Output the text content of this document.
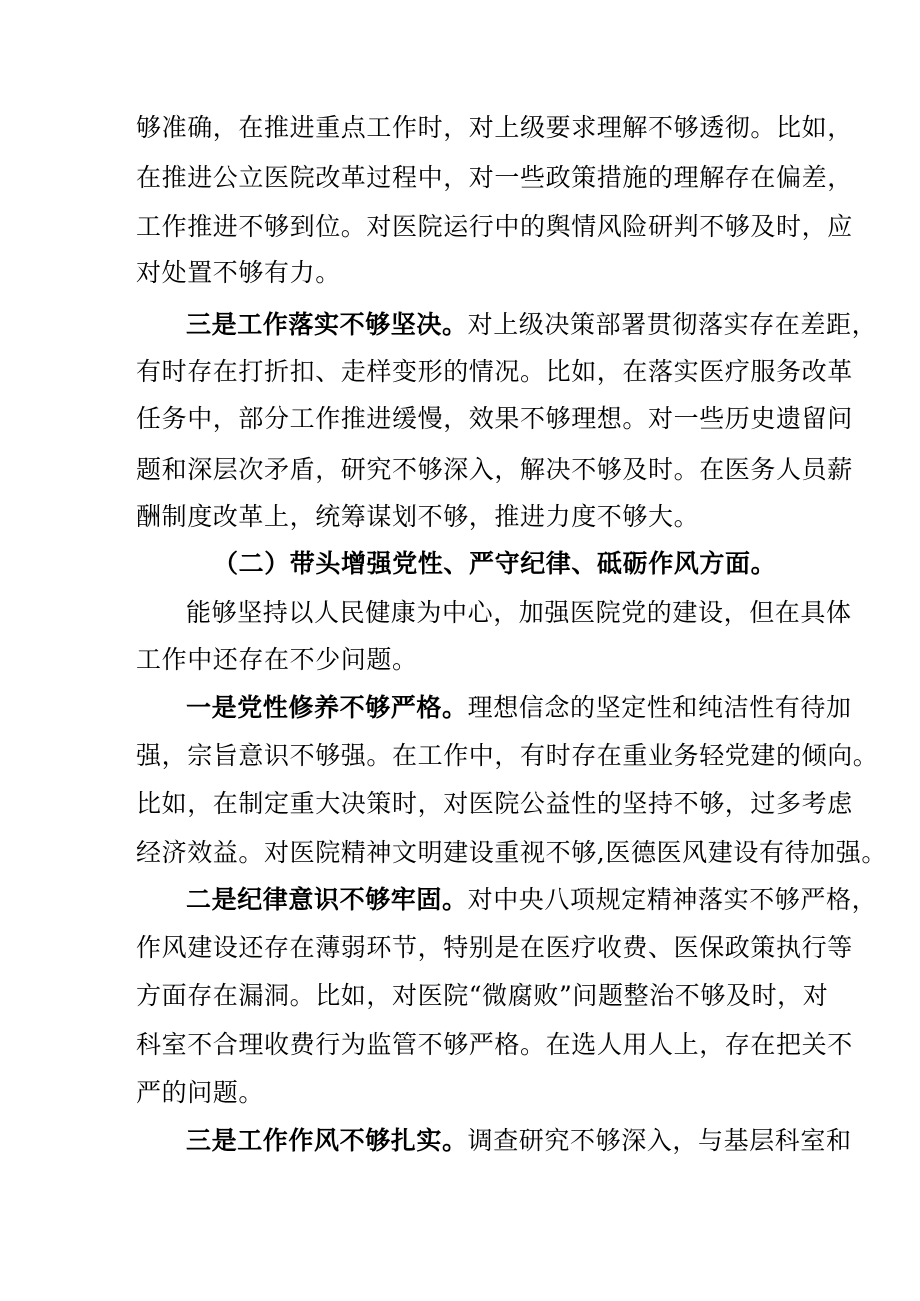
够准确，在推进重点工作时，对上级要求理解不够透彻。比如，
在推进公立医院改革过程中，对一些政策措施的理解存在偏差，
工作推进不够到位。对医院运行中的舆情风险研判不够及时，应
对处置不够有力。
三是工作落实不够坚决。对上级决策部署贯彻落实存在差距，
有时存在打折扣、走样变形的情况。比如，在落实医疗服务改革
任务中，部分工作推进缓慢，效果不够理想。对一些历史遗留问
题和深层次矛盾，研究不够深入，解决不够及时。在医务人员薪
酬制度改革上，统筹谋划不够，推进力度不够大。
（二）带头增强党性、严守纪律、砥砺作风方面。
能够坚持以人民健康为中心，加强医院党的建设，但在具体
工作中还存在不少问题。
一是党性修养不够严格。理想信念的坚定性和纯洁性有待加
强，宗旨意识不够强。在工作中，有时存在重业务轻党建的倾向。
比如，在制定重大决策时，对医院公益性的坚持不够，过多考虑
经济效益。对医院精神文明建设重视不够,医德医风建设有待加强。
二是纪律意识不够牢固。对中央八项规定精神落实不够严格，
作风建设还存在薄弱环节，特别是在医疗收费、医保政策执行等
方面存在漏洞。比如，对医院“微腐败”问题整治不够及时，对
科室不合理收费行为监管不够严格。在选人用人上，存在把关不
严的问题。
三是工作作风不够扎实。调查研究不够深入，与基层科室和
